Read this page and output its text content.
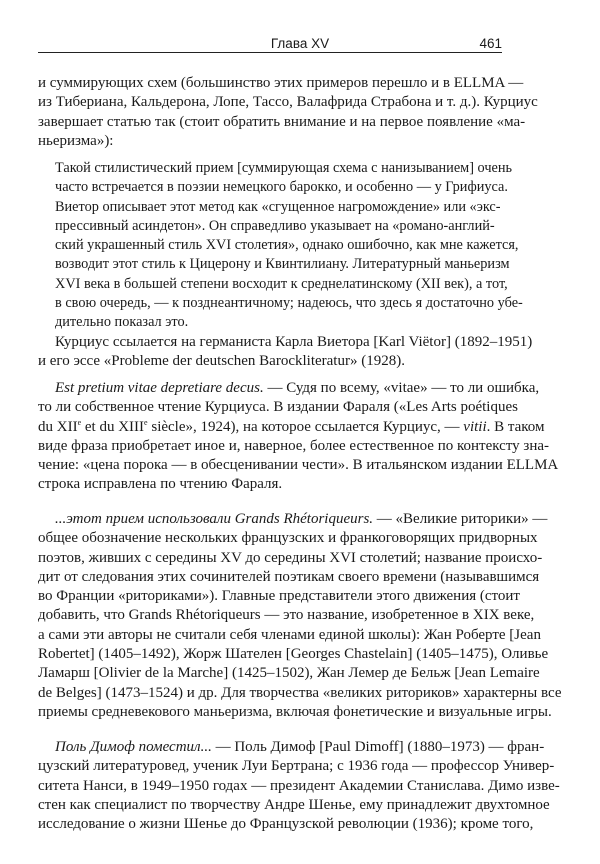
Глава XV	461
и суммирующих схем (большинство этих примеров перешло и в ELLMA —
из Тибериана, Кальдерона, Лопе, Тассо, Валафрида Страбона и т. д.). Курциус
завершает статью так (стоит обратить внимание и на первое появление «ма-
ньеризма»):
Такой стилистический прием [суммирующая схема с нанизыванием] очень
часто встречается в поэзии немецкого барокко, и особенно — у Грифиуса.
Виетор описывает этот метод как «сгущенное нагромождение» или «экс-
прессивный асиндетон». Он справедливо указывает на «романо-англий-
ский украшенный стиль XVI столетия», однако ошибочно, как мне кажется,
возводит этот стиль к Цицерону и Квинтилиану. Литературный маньеризм
XVI века в большей степени восходит к среднелатинскому (XII век), а тот,
в свою очередь, — к позднеантичному; надеюсь, что здесь я достаточно убе-
дительно показал это.
Курциус ссылается на германиста Карла Виетора [Karl Viëtor] (1892–1951)
и его эссе «Probleme der deutschen Barockliteratur» (1928).
Est pretium vitae depretiare decus. — Судя по всему, «vitae» — то ли ошибка,
то ли собственное чтение Курциуса. В издании Фараля («Les Arts poétiques
du XIIe et du XIIIe siècle», 1924), на которое ссылается Курциус, — vitii. В таком
виде фраза приобретает иное и, наверное, более естественное по контексту зна-
чение: «цена порока — в обесценивании чести». В итальянском издании ELLMA
строка исправлена по чтению Фараля.
...этот прием использовали Grands Rhétoriqueurs. — «Великие риторики» —
общее обозначение нескольких французских и франкоговорящих придворных
поэтов, живших с середины XV до середины XVI столетий; название происхо-
дит от следования этих сочинителей поэтикам своего времени (называвшимся
во Франции «риториками»). Главные представители этого движения (стоит
добавить, что Grands Rhétoriqueurs — это название, изобретенное в XIX веке,
а сами эти авторы не считали себя членами единой школы): Жан Роберте [Jean
Robertet] (1405–1492), Жорж Шателен [Georges Chastelain] (1405–1475), Оливье
Ламарш [Olivier de la Marche] (1425–1502), Жан Лемер де Бельж [Jean Lemaire
de Belges] (1473–1524) и др. Для творчества «великих риториков» характерны все
приемы средневекового маньеризма, включая фонетические и визуальные игры.
Поль Димоф поместил... — Поль Димоф [Paul Dimoff] (1880–1973) — фран-
цузский литературовед, ученик Луи Бертрана; с 1936 года — профессор Универ-
ситета Нанси, в 1949–1950 годах — президент Академии Станислава. Димо изве-
стен как специалист по творчеству Андре Шенье, ему принадлежит двухтомное
исследование о жизни Шенье до Французской революции (1936); кроме того,
